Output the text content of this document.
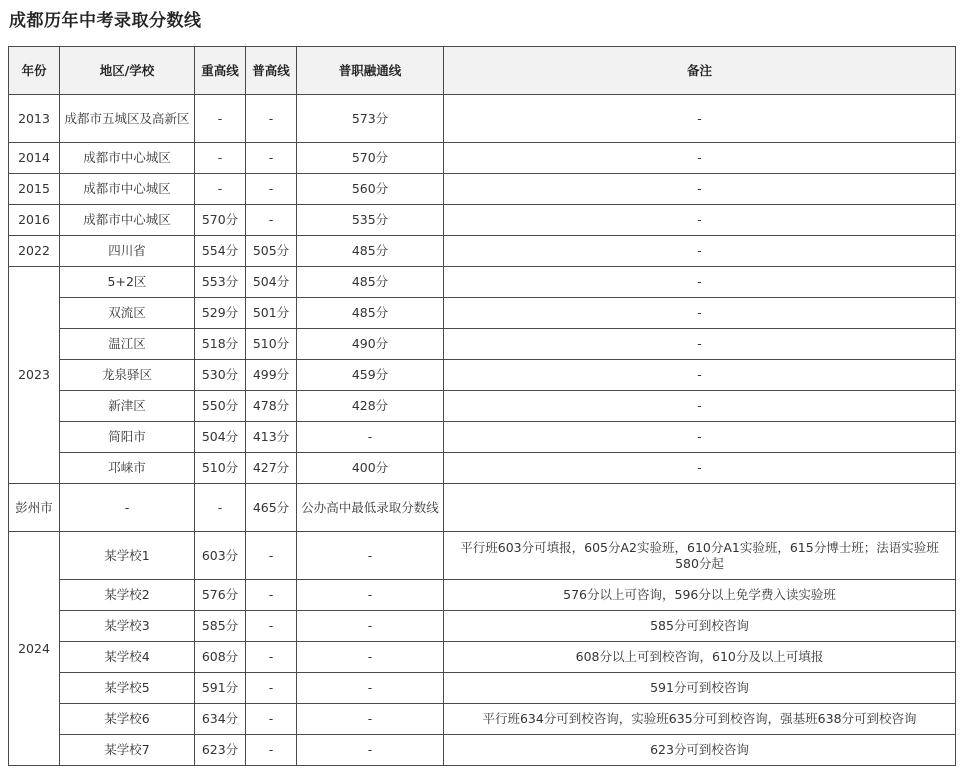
成都历年中考录取分数线
年份	地区/学校	重高线	普高线	普职融通线	备注
2013	成都市五城区及高新区	-	-	573分	-
2014	成都市中心城区	-	-	570分	-
2015	成都市中心城区	-	-	560分	-
2016	成都市中心城区	570分	-	535分	-
2022	四川省	554分	505分	485分	-
2023	5+2区	553分	504分	485分	-
	双流区	529分	501分	485分	-
	温江区	518分	510分	490分	-
	龙泉驿区	530分	499分	459分	-
	新津区	550分	478分	428分	-
	简阳市	504分	413分	-	-
	邛崃市	510分	427分	400分	-
彭州市	-	-	465分	公办高中最低录取分数线	
2024	某学校1	603分	-	-	平行班603分可填报，605分A2实验班，610分A1实验班，615分博士班；法语实验班580分起
	某学校2	576分	-	-	576分以上可咨询，596分以上免学费入读实验班
	某学校3	585分	-	-	585分可到校咨询
	某学校4	608分	-	-	608分以上可到校咨询，610分及以上可填报
	某学校5	591分	-	-	591分可到校咨询
	某学校6	634分	-	-	平行班634分可到校咨询，实验班635分可到校咨询，强基班638分可到校咨询
	某学校7	623分	-	-	623分可到校咨询
